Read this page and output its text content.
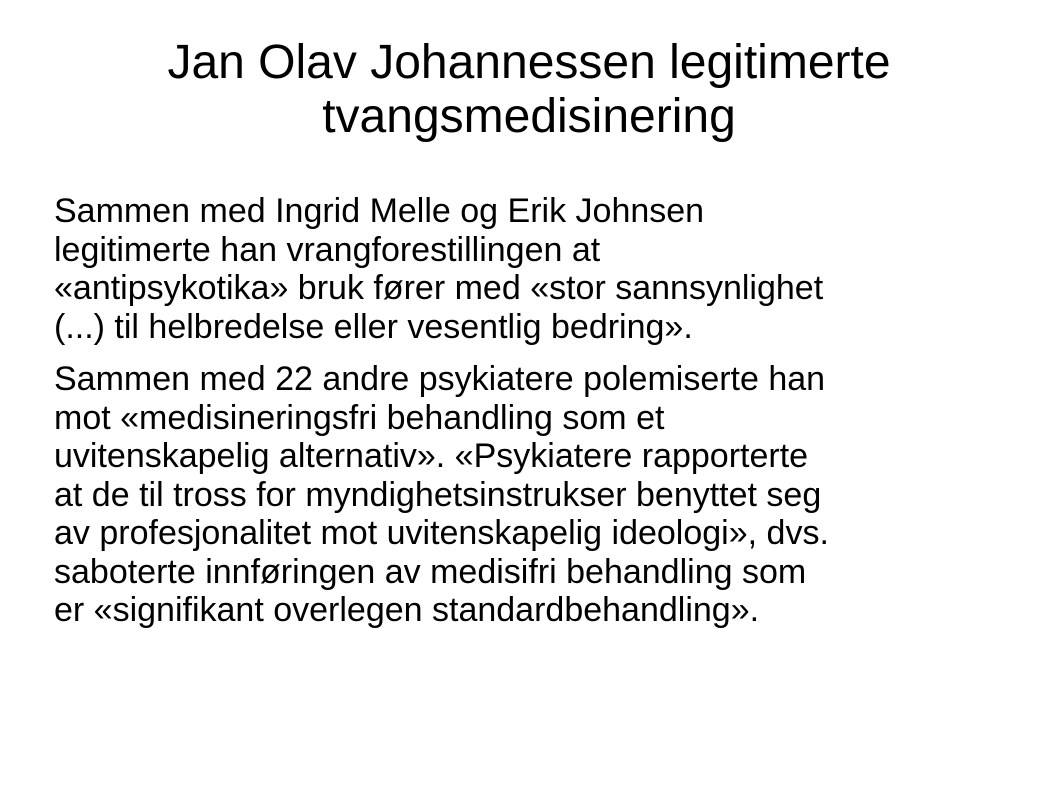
Jan Olav Johannessen legitimerte
tvangsmedisinering

Sammen med Ingrid Melle og Erik Johnsen
legitimerte han vrangforestillingen at
«antipsykotika» bruk fører med «stor sannsynlighet
(...) til helbredelse eller vesentlig bedring».

Sammen med 22 andre psykiatere polemiserte han
mot «medisineringsfri behandling som et
uvitenskapelig alternativ». «Psykiatere rapporterte
at de til tross for myndighetsinstrukser benyttet seg
av profesjonalitet mot uvitenskapelig ideologi», dvs.
saboterte innføringen av medisifri behandling som
er «signifikant overlegen standardbehandling».
